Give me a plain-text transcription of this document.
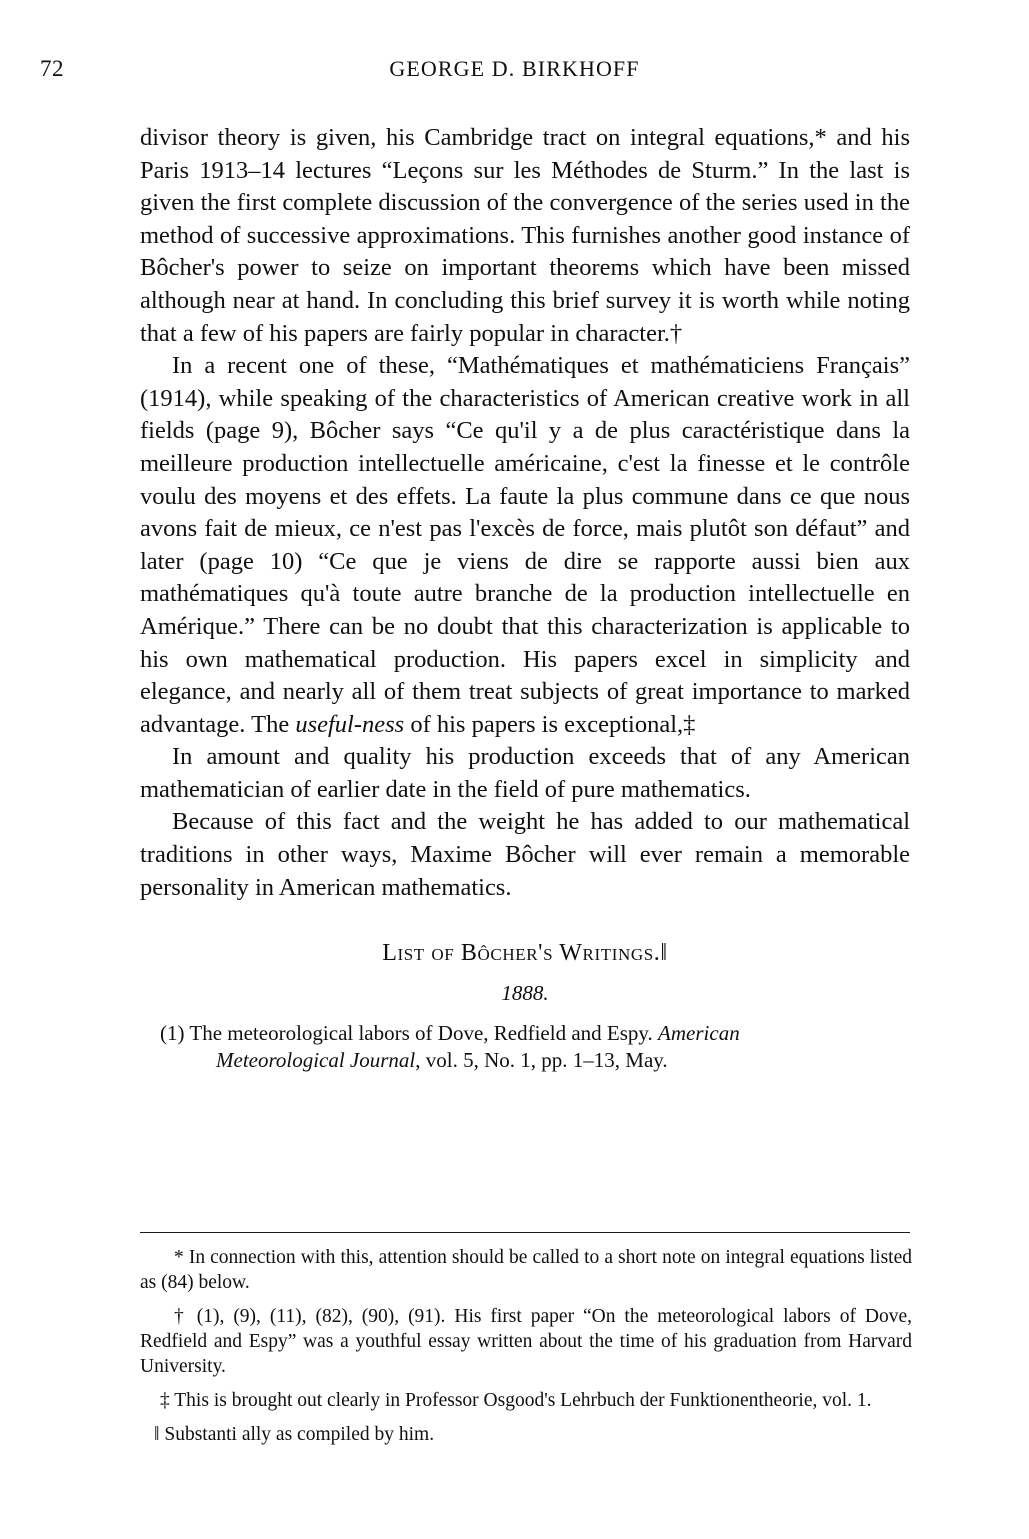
72	GEORGE D. BIRKHOFF

divisor theory is given, his Cambridge tract on integral equations,* and his Paris 1913–14 lectures “Leçons sur les Méthodes de Sturm.” In the last is given the first complete discussion of the convergence of the series used in the method of successive approximations. This furnishes another good instance of Bôcher's power to seize on important theorems which have been missed although near at hand. In concluding this brief survey it is worth while noting that a few of his papers are fairly popular in character.†

In a recent one of these, “Mathématiques et mathématiciens Français” (1914), while speaking of the characteristics of American creative work in all fields (page 9), Bôcher says “Ce qu'il y a de plus caractéristique dans la meilleure production intellectuelle américaine, c'est la finesse et le contrôle voulu des moyens et des effets. La faute la plus commune dans ce que nous avons fait de mieux, ce n'est pas l'excès de force, mais plutôt son défaut” and later (page 10) “Ce que je viens de dire se rapporte aussi bien aux mathématiques qu'à toute autre branche de la production intellectuelle en Amérique.” There can be no doubt that this characterization is applicable to his own mathematical production. His papers excel in simplicity and elegance, and nearly all of them treat subjects of great importance to marked advantage. The useful-ness of his papers is exceptional,‡

In amount and quality his production exceeds that of any American mathematician of earlier date in the field of pure mathematics.

Because of this fact and the weight he has added to our mathematical traditions in other ways, Maxime Bôcher will ever remain a memorable personality in American mathematics.

List of Bôcher's Writings.‖
1888.
(1) The meteorological labors of Dove, Redfield and Espy. American
Meteorological Journal, vol. 5, No. 1, pp. 1–13, May.

* In connection with this, attention should be called to a short note on integral equations listed as (84) below.

† (1), (9), (11), (82), (90), (91). His first paper “On the meteorological labors of Dove, Redfield and Espy” was a youthful essay written about the time of his graduation from Harvard University.

‡ This is brought out clearly in Professor Osgood's Lehrbuch der Funktionentheorie, vol. 1.

‖ Substanti ally as compiled by him.
